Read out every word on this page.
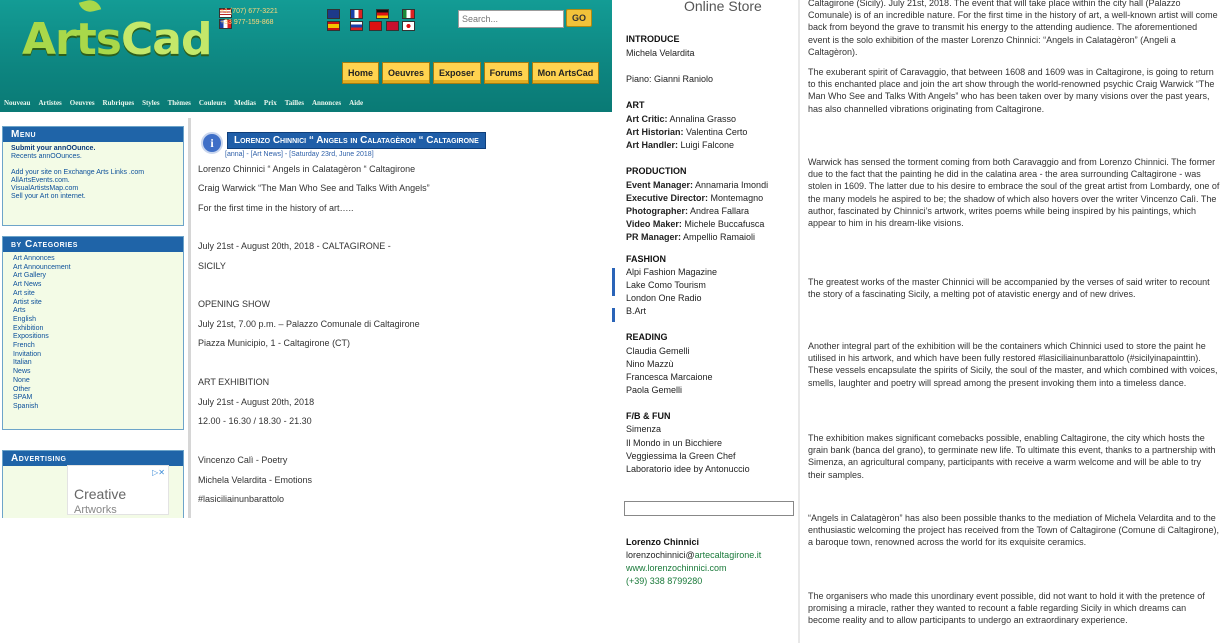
ArtsCad
+1 (707) 677-3221
+33 977-159-868
Search...	GO
Home	Oeuvres	Exposer	Forums	Mon ArtsCad
Nouveau Artistes Oeuvres Rubriques Styles Thèmes Couleurs Medias Prix Tailles Annonces Aide
Menu
Submit your annOOunce.
Recents annOOunces.
Add your site on Exchange Arts Links .com
AllArtsEvents.com.
VisualArtistsMap.com
Sell your Art on internet.
by Categories
Art Annonces
Art Announcement
Art Gallery
Art News
Art site
Artist site
Arts
English
Exhibition
Expositions
French
Invitation
Italian
News
None
Other
SPAM
Spanish
Advertising
▷✕
Creative
Artworks
i	Lorenzo Chinnici “ Angels in Calatagèron “ Caltagirone
[anna] - [Art News] - [Saturday 23rd, June 2018]
Lorenzo Chinnici “ Angels in Calatagèron “ Caltagirone
Craig Warwick “The Man Who See and Talks With Angels”
For the first time in the history of art…..
July 21st - August 20th, 2018 - CALTAGIRONE -
SICILY
OPENING SHOW
July 21st, 7.00 p.m. – Palazzo Comunale di Caltagirone
Piazza Municipio, 1 - Caltagirone (CT)
ART EXHIBITION
July 21st - August 20th, 2018
12.00 - 16.30 / 18.30 - 21.30
Vincenzo Calì - Poetry
Michela Velardita - Emotions
#lasiciliainunbarattolo
Online Store
INTRODUCE
Michela Velardita
Piano: Gianni Raniolo
ART
Art Critic: Annalina Grasso
Art Historian: Valentina Certo
Art Handler: Luigi Falcone
PRODUCTION
Event Manager: Annamaria Imondi
Executive Director: Montemagno
Photographer: Andrea Fallara
Video Maker: Michele Buccafusca
PR Manager: Ampellio Ramaioli
FASHION
Alpi Fashion Magazine
Lake Como Tourism
London One Radio
B.Art
READING
Claudia Gemelli
Nino Mazzù
Francesca Marcaione
Paola Gemelli
F/B & FUN
Simenza
Il Mondo in un Bicchiere
Veggiessima la Green Chef
Laboratorio idee by Antonuccio
Lorenzo Chinnici
lorenzochinnici@artecaltagirone.it
www.lorenzochinnici.com
(+39) 338 8799280
Caltagirone (Sicily). July 21st, 2018. The event that will take place within the city hall (Palazzo Comunale) is of an incredible nature. For the first time in the history of art, a well-known artist will come back from beyond the grave to transmit his energy to the attending audience. The aforementioned event is the solo exhibition of the master Lorenzo Chinnici: “Angels in Calatagèron” (Angeli a Caltagèron).
The exuberant spirit of Caravaggio, that between 1608 and 1609 was in Caltagirone, is going to return to this enchanted place and join the art show through the world-renowned psychic Craig Warwick “The Man Who See and Talks With Angels” who has been taken over by many visions over the past years, has also channelled vibrations originating from Caltagirone.
Warwick has sensed the torment coming from both Caravaggio and from Lorenzo Chinnici. The former due to the fact that the painting he did in the calatina area - the area surrounding Caltagirone - was stolen in 1609. The latter due to his desire to embrace the soul of the great artist from Lombardy, one of the many models he aspired to be; the shadow of which also hovers over the writer Vincenzo Calì. The author, fascinated by Chinnici’s artwork, writes poems while being inspired by his paintings, which appear to him in his dream-like visions.
The greatest works of the master Chinnici will be accompanied by the verses of said writer to recount the story of a fascinating Sicily, a melting pot of atavistic energy and of new drives.
Another integral part of the exhibition will be the containers which Chinnici used to store the paint he utilised in his artwork, and which have been fully restored #lasiciliainunbarattolo (#sicilyinapainttin). These vessels encapsulate the spirits of Sicily, the soul of the master, and which combined with voices, smells, laughter and poetry will spread among the present invoking them into a timeless dance.
The exhibition makes significant comebacks possible, enabling Caltagirone, the city which hosts the grain bank (banca del grano), to germinate new life. To ultimate this event, thanks to a partnership with Simenza, an agricultural company, participants with receive a warm welcome and will be able to try their samples.
“Angels in Calatagèron” has also been possible thanks to the mediation of Michela Velardita and to the enthusiastic welcoming the project has received from the Town of Caltagirone (Comune di Caltagirone), a baroque town, renowned across the world for its exquisite ceramics.
The organisers who made this unordinary event possible, did not want to hold it with the pretence of promising a miracle, rather they wanted to recount a fable regarding Sicily in which dreams can become reality and to allow participants to undergo an extraordinary experience.
